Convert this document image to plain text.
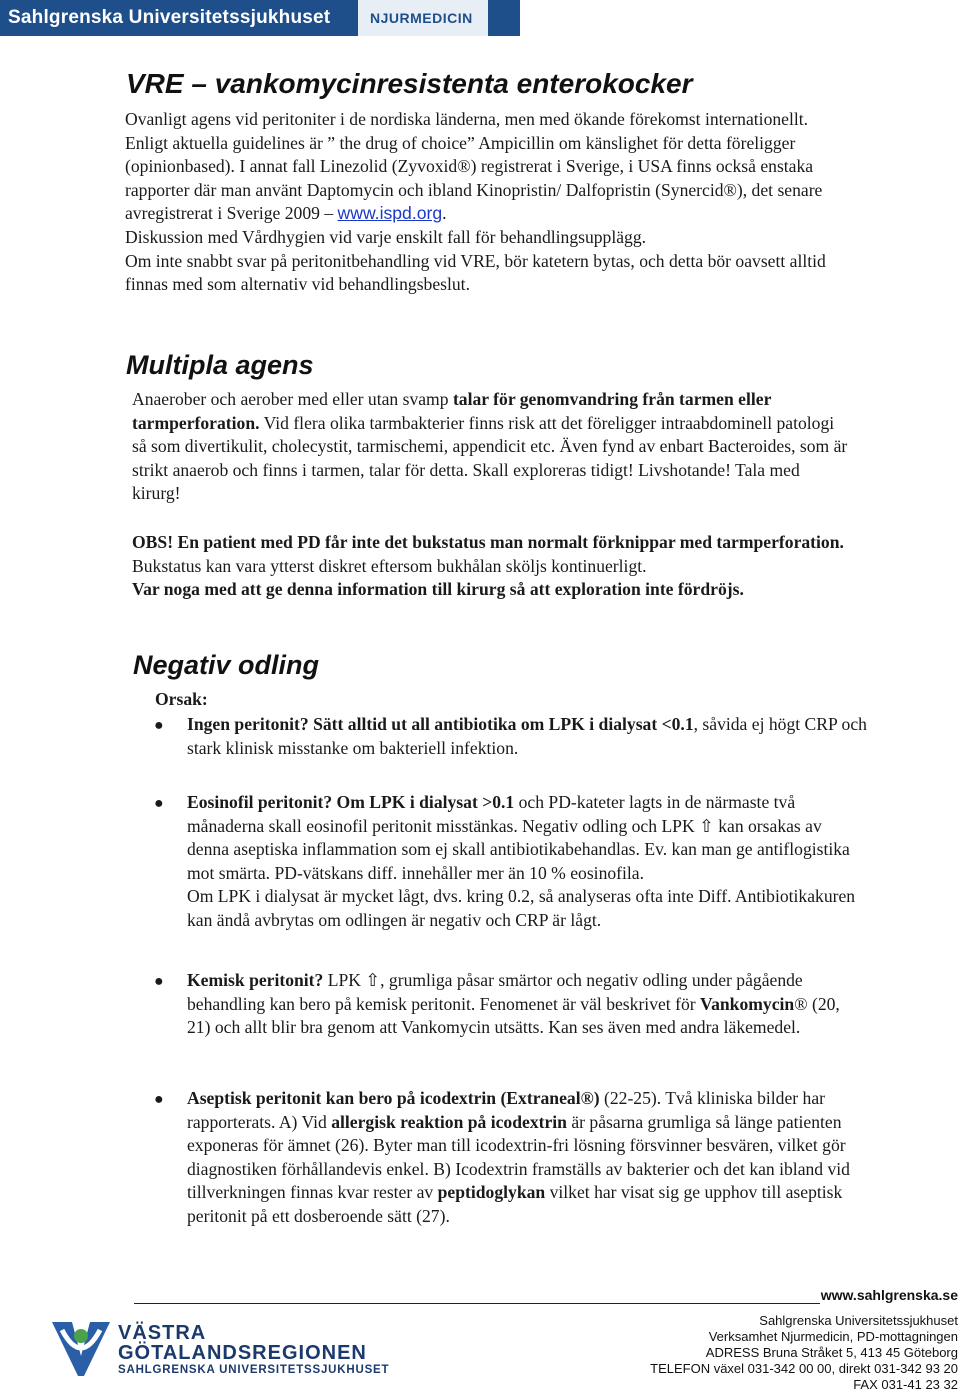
Sahlgrenska Universitetssjukhuset	NJURMEDICIN
VRE – vankomycinresistenta enterokocker
Ovanligt agens vid peritoniter i de nordiska länderna, men med ökande förekomst internationellt.
Enligt aktuella guidelines är ” the drug of choice” Ampicillin om känslighet för detta föreligger (opinionbased). I annat fall Linezolid (Zyvoxid®) registrerat i Sverige, i USA finns också enstaka rapporter där man använt Daptomycin och ibland Kinopristin/ Dalfopristin (Synercid®), det senare avregistrerat i Sverige 2009 – www.ispd.org.
Diskussion med Vårdhygien vid varje enskilt fall för behandlingsupplägg.
Om inte snabbt svar på peritonitbehandling vid VRE, bör katetern bytas, och detta bör oavsett alltid finnas med som alternativ vid behandlingsbeslut.
Multipla agens
Anaerober och aerober med eller utan svamp talar för genomvandring från tarmen eller tarmperforation. Vid flera olika tarmbakterier finns risk att det föreligger intraabdominell patologi så som divertikulit, cholecystit, tarmischemi, appendicit etc. Även fynd av enbart Bacteroides, som är strikt anaerob och finns i tarmen, talar för detta. Skall exploreras tidigt! Livshotande! Tala med kirurg!
OBS! En patient med PD får inte det bukstatus man normalt förknippar med tarmperforation. Bukstatus kan vara ytterst diskret eftersom bukhålan sköljs kontinuerligt.
Var noga med att ge denna information till kirurg så att exploration inte fördröjs.
Negativ odling
Orsak:
● Ingen peritonit? Sätt alltid ut all antibiotika om LPK i dialysat <0.1, såvida ej högt CRP och stark klinisk misstanke om bakteriell infektion.
● Eosinofil peritonit? Om LPK i dialysat >0.1 och PD-kateter lagts in de närmaste två månaderna skall eosinofil peritonit misstänkas. Negativ odling och LPK ⇧ kan orsakas av denna aseptiska inflammation som ej skall antibiotikabehandlas. Ev. kan man ge antiflogistika mot smärta. PD-vätskans diff. innehåller mer än 10 % eosinofila.
Om LPK i dialysat är mycket lågt, dvs. kring 0.2, så analyseras ofta inte Diff. Antibiotikakuren kan ändå avbrytas om odlingen är negativ och CRP är lågt.
● Kemisk peritonit? LPK ⇧, grumliga påsar smärtor och negativ odling under pågående behandling kan bero på kemisk peritonit. Fenomenet är väl beskrivet för Vankomycin® (20, 21) och allt blir bra genom att Vankomycin utsätts. Kan ses även med andra läkemedel.
● Aseptisk peritonit kan bero på icodextrin (Extraneal®) (22-25). Två kliniska bilder har rapporterats. A) Vid allergisk reaktion på icodextrin är påsarna grumliga så länge patienten exponeras för ämnet (26). Byter man till icodextrin-fri lösning försvinner besvären, vilket gör diagnostiken förhållandevis enkel. B) Icodextrin framställs av bakterier och det kan ibland vid tillverkningen finnas kvar rester av peptidoglykan vilket har visat sig ge upphov till aseptisk peritonit på ett dosberoende sätt (27).
www.sahlgrenska.se
Sahlgrenska Universitetssjukhuset
Verksamhet Njurmedicin, PD-mottagningen
ADRESS Bruna Stråket 5, 413 45 Göteborg
TELEFON växel 031-342 00 00, direkt 031-342 93 20
FAX 031-41 23 32
VÄSTRA
GÖTALANDSREGIONEN
SAHLGRENSKA UNIVERSITETSSJUKHUSET
